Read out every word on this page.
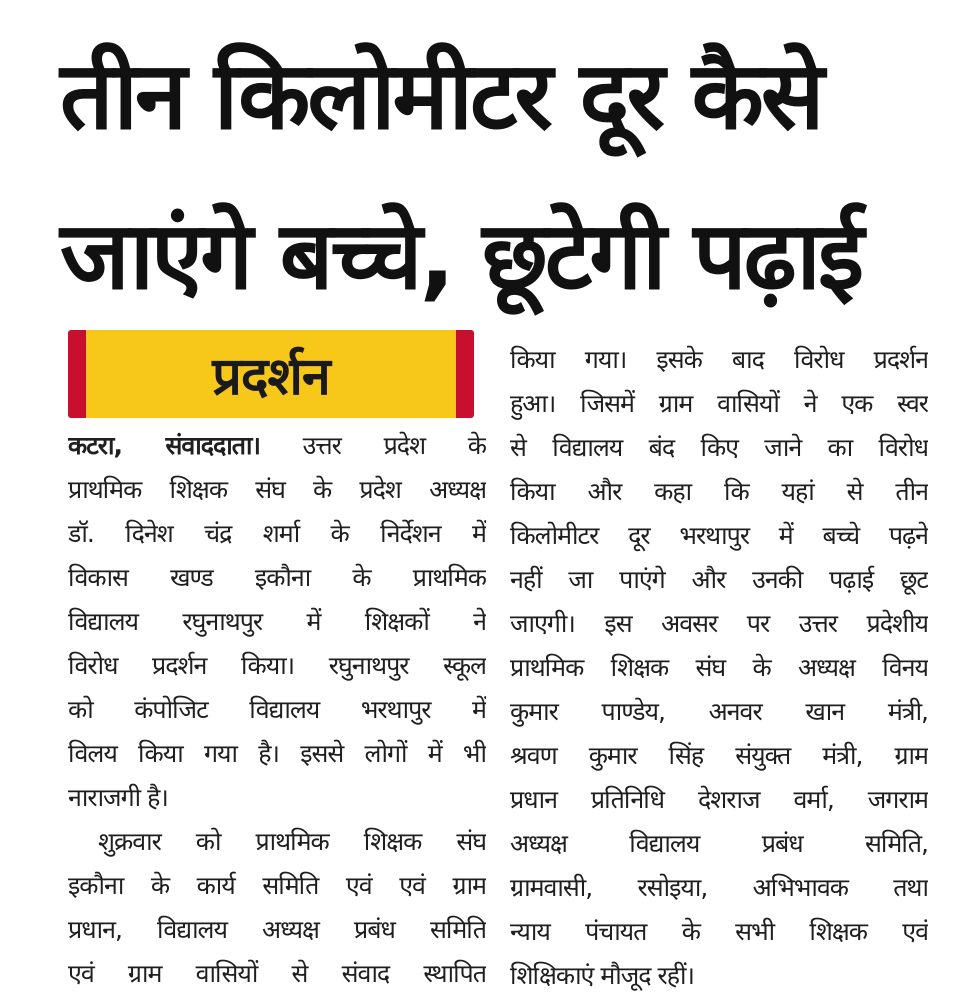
तीन किलोमीटर दूर कैसे
जाएंगे बच्चे, छूटेगी पढ़ाई
प्रदर्शन
कटरा, संवाददाता। उत्तर प्रदेश के
प्राथमिक शिक्षक संघ के प्रदेश अध्यक्ष
डॉ. दिनेश चंद्र शर्मा के निर्देशन में
विकास खण्ड इकौना के प्राथमिक
विद्यालय रघुनाथपुर में शिक्षकों ने
विरोध प्रदर्शन किया। रघुनाथपुर स्कूल
को कंपोजिट विद्यालय भरथापुर में
विलय किया गया है। इससे लोगों में भी
नाराजगी है।
शुक्रवार को प्राथमिक शिक्षक संघ
इकौना के कार्य समिति एवं एवं ग्राम
प्रधान, विद्यालय अध्यक्ष प्रबंध समिति
एवं ग्राम वासियों से संवाद स्थापित
किया गया। इसके बाद विरोध प्रदर्शन
हुआ। जिसमें ग्राम वासियों ने एक स्वर
से विद्यालय बंद किए जाने का विरोध
किया और कहा कि यहां से तीन
किलोमीटर दूर भरथापुर में बच्चे पढ़ने
नहीं जा पाएंगे और उनकी पढ़ाई छूट
जाएगी। इस अवसर पर उत्तर प्रदेशीय
प्राथमिक शिक्षक संघ के अध्यक्ष विनय
कुमार पाण्डेय, अनवर खान मंत्री,
श्रवण कुमार सिंह संयुक्त मंत्री, ग्राम
प्रधान प्रतिनिधि देशराज वर्मा, जगराम
अध्यक्ष विद्यालय प्रबंध समिति,
ग्रामवासी, रसोइया, अभिभावक तथा
न्याय पंचायत के सभी शिक्षक एवं
शिक्षिकाएं मौजूद रहीं।
